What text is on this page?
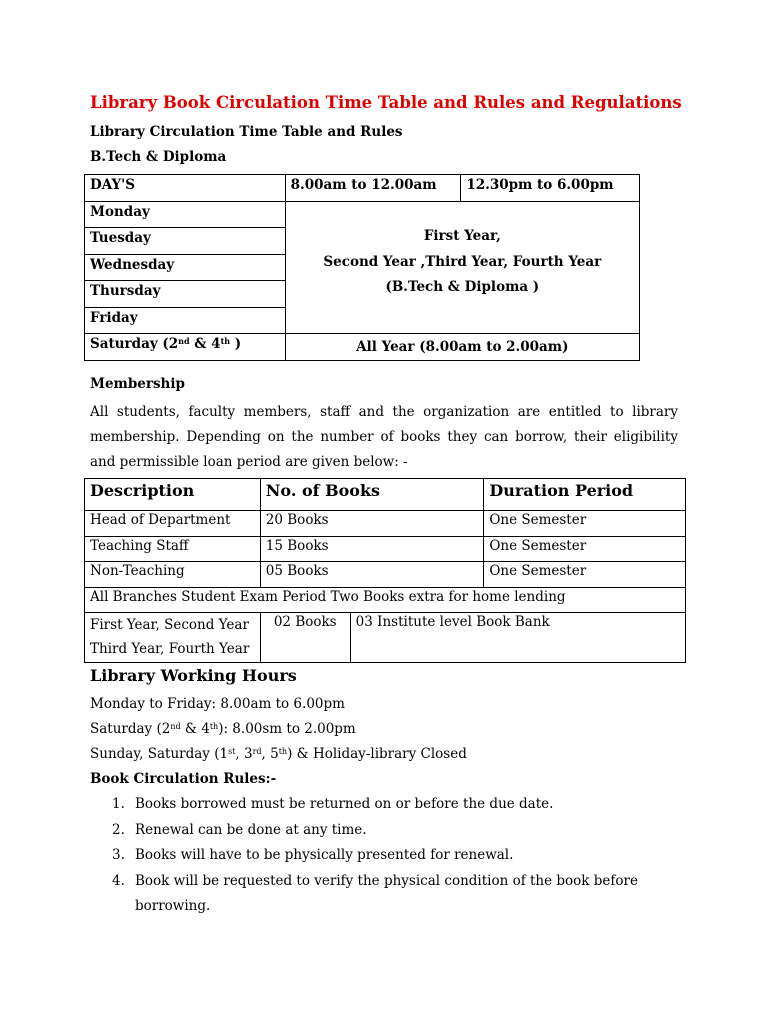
Library Book Circulation Time Table and Rules and Regulations
Library Circulation Time Table and Rules
B.Tech & Diploma
DAY'S	8.00am to 12.00am	12.30pm to 6.00pm
Monday	First Year,
Second Year ,Third Year, Fourth Year
(B.Tech & Diploma )	

Tuesday		
Wednesday		
Thursday		
Friday		
Saturday (2nd & 4th )	All Year (8.00am to 2.00am)	
Membership
All students, faculty members, staff and the organization are entitled to library membership. Depending on the number of books they can borrow, their eligibility and permissible loan period are given below: -
Description	No. of Books		Duration Period
Head of Department	20 Books		One Semester
Teaching Staff	15 Books		One Semester
Non-Teaching	05 Books		One Semester
All Branches Student Exam Period Two Books extra for home lending			

First Year, Second Year
Third Year, Fourth Year	02 Books	03 Institute level Book Bank	
Library Working Hours
Monday to Friday: 8.00am to 6.00pm
Saturday (2nd & 4th): 8.00sm to 2.00pm
Sunday, Saturday (1st, 3rd, 5th) & Holiday-library Closed
Book Circulation Rules:-
1. Books borrowed must be returned on or before the due date.
2. Renewal can be done at any time.
3. Books will have to be physically presented for renewal.
4. Book will be requested to verify the physical condition of the book before borrowing.
